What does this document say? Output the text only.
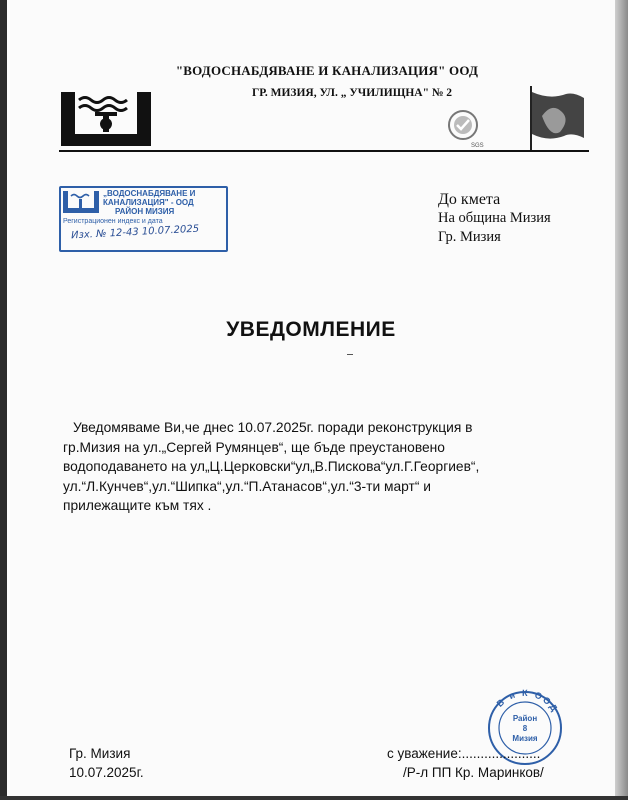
"ВОДОСНАБДЯВАНЕ И КАНАЛИЗАЦИЯ" ООД
ГР. МИЗИЯ, УЛ. „ УЧИЛИЩНА" № 2
SGS
„ВОДОСНАБДЯВАНЕ И
КАНАЛИЗАЦИЯ" - ООД
РАЙОН МИЗИЯ
Регистрационен индекс и дата
Изх. № 12-43 10.07.2025
До кмета
На община Мизия
Гр. Мизия
УВЕДОМЛЕНИЕ
Уведомяваме Ви,че днес 10.07.2025г. поради реконструкция в
гр.Мизия на ул.„Сергей Румянцев“, ще бъде преустановено
водоподаването на ул„Ц.Церковски“ул„В.Пискова“ул.Г.Георгиев“,
ул.“Л.Кунчев“,ул.“Шипка“,ул.“П.Атанасов“,ул.“3-ти март“ и
прилежащите към тях .
Гр. Мизия
10.07.2025г.
В и К ООД
Район
8
Мизия
с уважение:.....................
/Р-л ПП Кр. Маринков/
